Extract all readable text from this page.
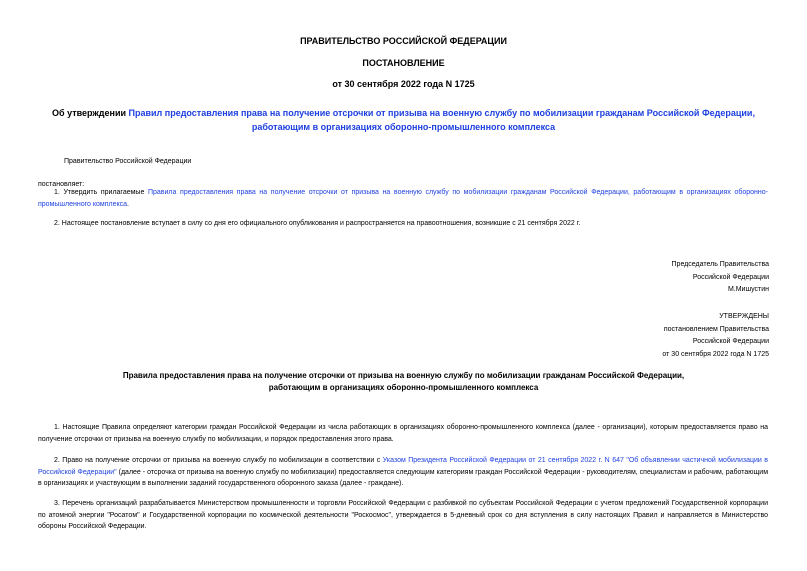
ПРАВИТЕЛЬСТВО РОССИЙСКОЙ ФЕДЕРАЦИИ
ПОСТАНОВЛЕНИЕ
от 30 сентября 2022 года N 1725
Об утверждении Правил предоставления права на получение отсрочки от призыва на военную службу по мобилизации гражданам Российской Федерации, работающим в организациях оборонно-промышленного комплекса
Правительство Российской Федерации
постановляет:
1. Утвердить прилагаемые Правила предоставления права на получение отсрочки от призыва на военную службу по мобилизации гражданам Российской Федерации, работающим в организациях оборонно-промышленного комплекса.
2. Настоящее постановление вступает в силу со дня его официального опубликования и распространяется на правоотношения, возникшие с 21 сентября 2022 г.
Председатель Правительства
Российской Федерации
М.Мишустин
УТВЕРЖДЕНЫ
постановлением Правительства
Российской Федерации
от 30 сентября 2022 года N 1725
Правила предоставления права на получение отсрочки от призыва на военную службу по мобилизации гражданам Российской Федерации, работающим в организациях оборонно-промышленного комплекса
1. Настоящие Правила определяют категории граждан Российской Федерации из числа работающих в организациях оборонно-промышленного комплекса (далее - организации), которым предоставляется право на получение отсрочки от призыва на военную службу по мобилизации, и порядок предоставления этого права.
2. Право на получение отсрочки от призыва на военную службу по мобилизации в соответствии с Указом Президента Российской Федерации от 21 сентября 2022 г. N 647 "Об объявлении частичной мобилизации в Российской Федерации" (далее - отсрочка от призыва на военную службу по мобилизации) предоставляется следующим категориям граждан Российской Федерации - руководителям, специалистам и рабочим, работающим в организациях и участвующим в выполнении заданий государственного оборонного заказа (далее - граждане).
3. Перечень организаций разрабатывается Министерством промышленности и торговли Российской Федерации с разбивкой по субъектам Российской Федерации с учетом предложений Государственной корпорации по атомной энергии "Росатом" и Государственной корпорации по космической деятельности "Роскосмос", утверждается в 5-дневный срок со дня вступления в силу настоящих Правил и направляется в Министерство обороны Российской Федерации.
